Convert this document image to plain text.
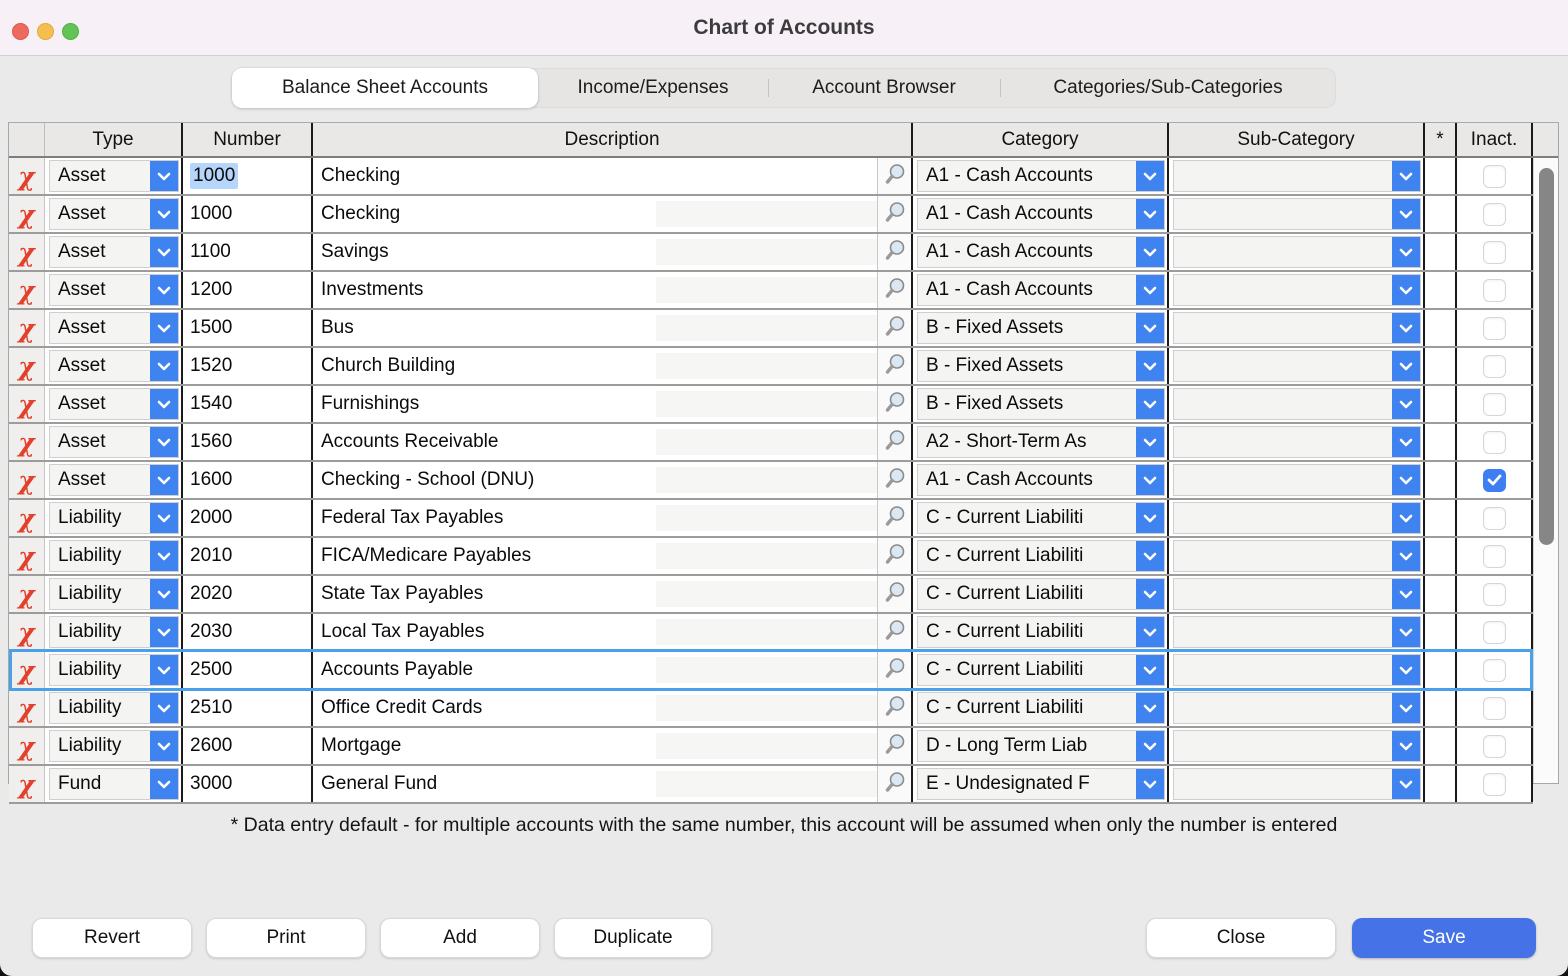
Chart of Accounts
Balance Sheet Accounts	Income/Expenses	Account Browser	Categories/Sub-Categories
Type	Number	Description	Category	Sub-Category	*	Inact.
χ	Asset	1000	Checking	A1 - Cash Accounts
χ	Asset	1000	Checking	A1 - Cash Accounts
χ	Asset	1100	Savings	A1 - Cash Accounts
χ	Asset	1200	Investments	A1 - Cash Accounts
χ	Asset	1500	Bus	B - Fixed Assets
χ	Asset	1520	Church Building	B - Fixed Assets
χ	Asset	1540	Furnishings	B - Fixed Assets
χ	Asset	1560	Accounts Receivable	A2 - Short-Term As
χ	Asset	1600	Checking - School (DNU)	A1 - Cash Accounts
χ	Liability	2000	Federal Tax Payables	C - Current Liabiliti
χ	Liability	2010	FICA/Medicare Payables	C - Current Liabiliti
χ	Liability	2020	State Tax Payables	C - Current Liabiliti
χ	Liability	2030	Local Tax Payables	C - Current Liabiliti
χ	Liability	2500	Accounts Payable	C - Current Liabiliti
χ	Liability	2510	Office Credit Cards	C - Current Liabiliti
χ	Liability	2600	Mortgage	D - Long Term Liab
χ	Fund	3000	General Fund	E - Undesignated F
* Data entry default - for multiple accounts with the same number, this account will be assumed when only the number is entered
Revert	Print	Add	Duplicate	Close	Save
